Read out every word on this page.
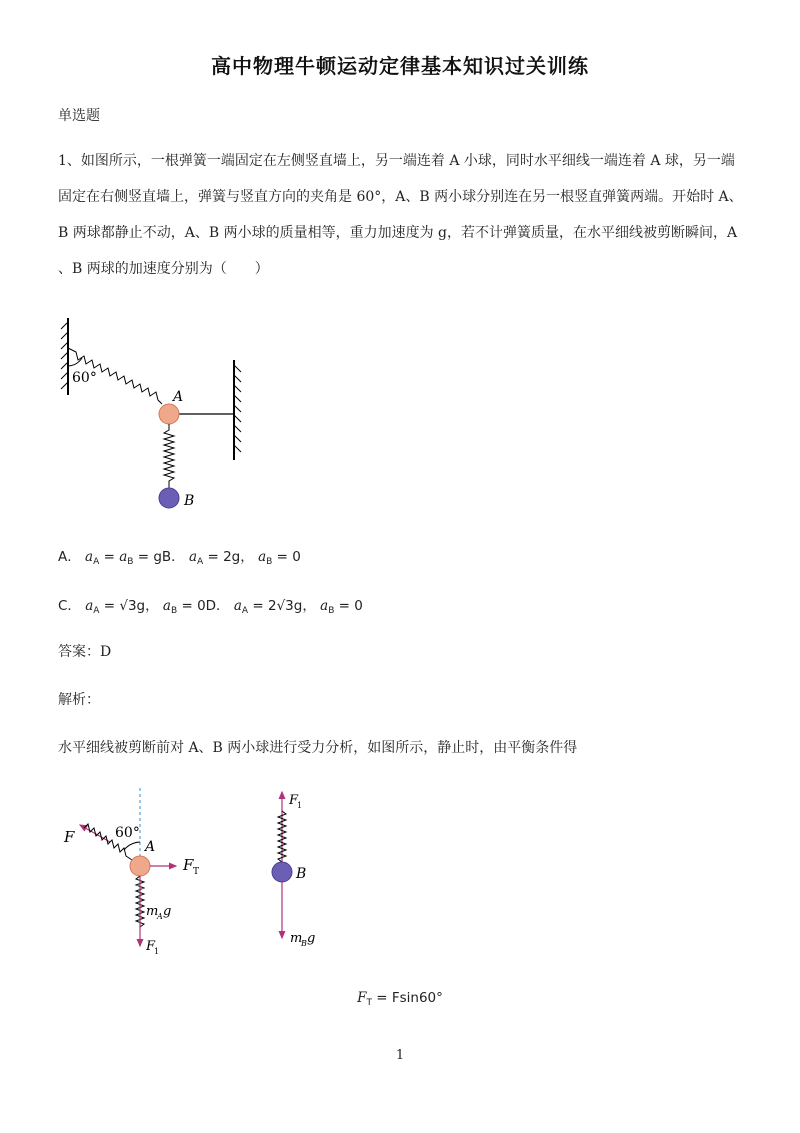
高中物理牛顿运动定律基本知识过关训练
单选题

1、如图所示，一根弹簧一端固定在左侧竖直墙上，另一端连着 A 小球，同时水平细线一端连着 A 球，另一端

固定在右侧竖直墙上，弹簧与竖直方向的夹角是 60°，A、B 两小球分别连在另一根竖直弹簧两端。开始时 A、

B 两球都静止不动，A、B 两小球的质量相等，重力加速度为 g，若不计弹簧质量，在水平细线被剪断瞬间，A

、B 两球的加速度分别为（　　）

60°
A
B
A． $a_A = a_B$ = gB． $a_A = 2g$， $a_B = 0$
C． $a_A = √3g$， $a_B = 0D$． $a_A = 2√3g$， $a_B = 0$
答案：D
解析：
水平细线被剪断前对 A、B 两小球进行受力分析，如图所示，静止时，由平衡条件得
F	60°
A
F T
m
A g
F
1
F
1
B
m
B g
$F_T = Fsin60^\circ$
1
